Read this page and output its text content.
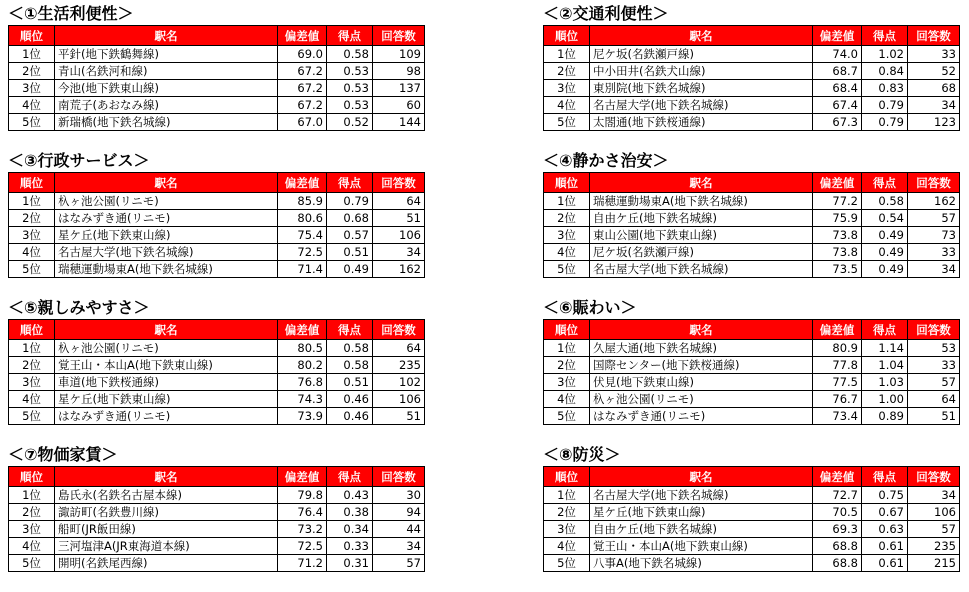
＜①生活利便性＞
順位	駅名	偏差値	得点	回答数
1位	平針(地下鉄鶴舞線)	69.0	0.58	109
2位	青山(名鉄河和線)	67.2	0.53	98
3位	今池(地下鉄東山線)	67.2	0.53	137
4位	南荒子(あおなみ線)	67.2	0.53	60
5位	新瑞橋(地下鉄名城線)	67.0	0.52	144
＜②交通利便性＞
順位	駅名	偏差値	得点	回答数
1位	尼ケ坂(名鉄瀬戸線)	74.0	1.02	33
2位	中小田井(名鉄犬山線)	68.7	0.84	52
3位	東別院(地下鉄名城線)	68.4	0.83	68
4位	名古屋大学(地下鉄名城線)	67.4	0.79	34
5位	太閤通(地下鉄桜通線)	67.3	0.79	123
＜③行政サービス＞
順位	駅名	偏差値	得点	回答数
1位	杁ヶ池公園(リニモ)	85.9	0.79	64
2位	はなみずき通(リニモ)	80.6	0.68	51
3位	星ケ丘(地下鉄東山線)	75.4	0.57	106
4位	名古屋大学(地下鉄名城線)	72.5	0.51	34
5位	瑞穂運動場東A(地下鉄名城線)	71.4	0.49	162
＜④静かさ治安＞
順位	駅名	偏差値	得点	回答数
1位	瑞穂運動場東A(地下鉄名城線)	77.2	0.58	162
2位	自由ケ丘(地下鉄名城線)	75.9	0.54	57
3位	東山公園(地下鉄東山線)	73.8	0.49	73
4位	尼ケ坂(名鉄瀬戸線)	73.8	0.49	33
5位	名古屋大学(地下鉄名城線)	73.5	0.49	34
＜⑤親しみやすさ＞
順位	駅名	偏差値	得点	回答数
1位	杁ヶ池公園(リニモ)	80.5	0.58	64
2位	覚王山・本山A(地下鉄東山線)	80.2	0.58	235
3位	車道(地下鉄桜通線)	76.8	0.51	102
4位	星ケ丘(地下鉄東山線)	74.3	0.46	106
5位	はなみずき通(リニモ)	73.9	0.46	51
＜⑥賑わい＞
順位	駅名	偏差値	得点	回答数
1位	久屋大通(地下鉄名城線)	80.9	1.14	53
2位	国際センター(地下鉄桜通線)	77.8	1.04	33
3位	伏見(地下鉄東山線)	77.5	1.03	57
4位	杁ヶ池公園(リニモ)	76.7	1.00	64
5位	はなみずき通(リニモ)	73.4	0.89	51
＜⑦物価家賃＞
順位	駅名	偏差値	得点	回答数
1位	島氏永(名鉄名古屋本線)	79.8	0.43	30
2位	諏訪町(名鉄豊川線)	76.4	0.38	94
3位	船町(JR飯田線)	73.2	0.34	44
4位	三河塩津A(JR東海道本線)	72.5	0.33	34
5位	開明(名鉄尾西線)	71.2	0.31	57
＜⑧防災＞
順位	駅名	偏差値	得点	回答数
1位	名古屋大学(地下鉄名城線)	72.7	0.75	34
2位	星ケ丘(地下鉄東山線)	70.5	0.67	106
3位	自由ケ丘(地下鉄名城線)	69.3	0.63	57
4位	覚王山・本山A(地下鉄東山線)	68.8	0.61	235
5位	八事A(地下鉄名城線)	68.8	0.61	215
